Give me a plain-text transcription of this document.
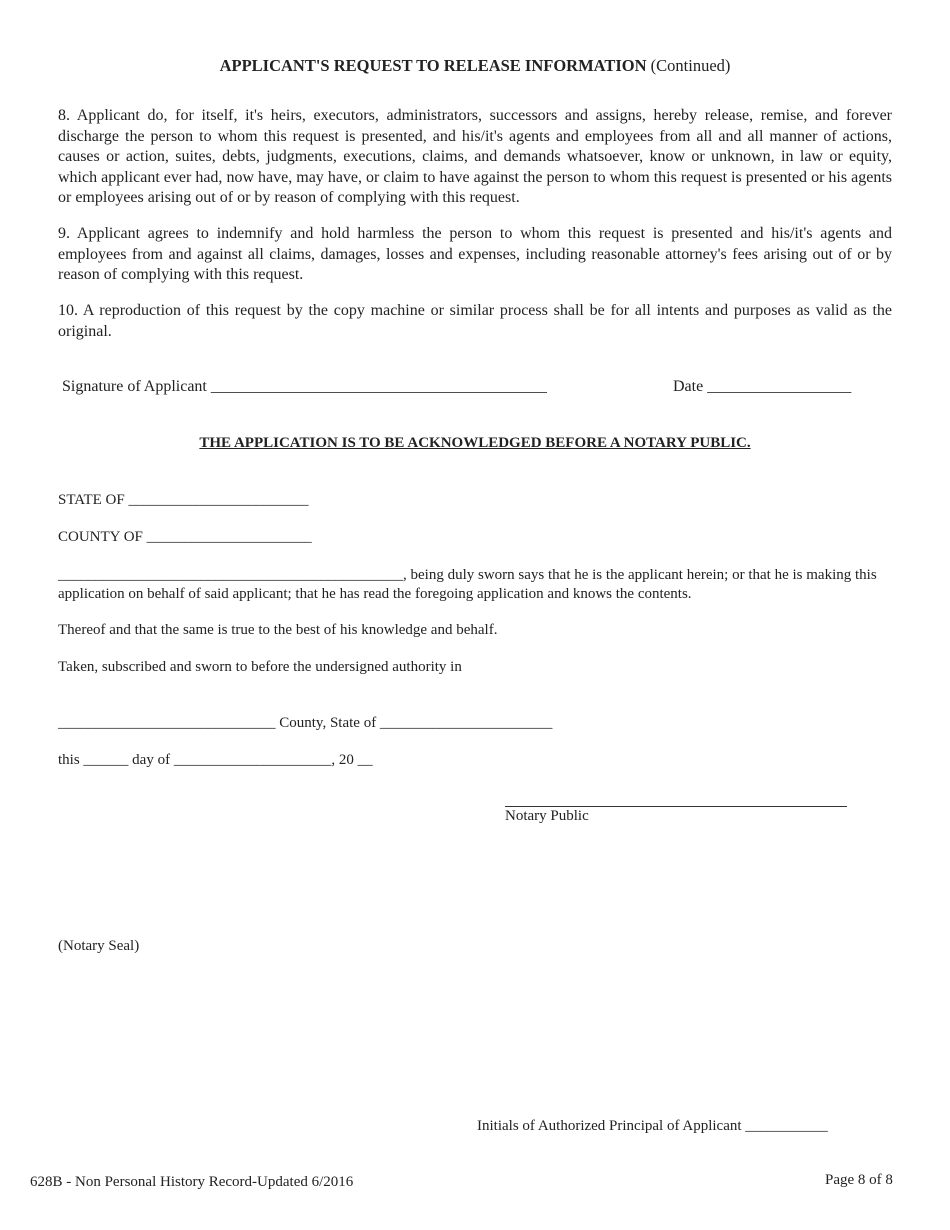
APPLICANT'S REQUEST TO RELEASE INFORMATION (Continued)

8. Applicant do, for itself, it's heirs, executors, administrators, successors and assigns, hereby release, remise, and forever discharge the person to whom this request is presented, and his/it's agents and employees from all and all manner of actions, causes or action, suites, debts, judgments, executions, claims, and demands whatsoever, know or unknown, in law or equity, which applicant ever had, now have, may have, or claim to have against the person to whom this request is presented or his agents or employees arising out of or by reason of complying with this request.

9. Applicant agrees to indemnify and hold harmless the person to whom this request is presented and his/it's agents and employees from and against all claims, damages, losses and expenses, including reasonable attorney's fees arising out of or by reason of complying with this request.

10. A reproduction of this request by the copy machine or similar process shall be for all intents and purposes as valid as the original.

Signature of Applicant __________________________________________	Date __________________
THE APPLICATION IS TO BE ACKNOWLEDGED BEFORE A NOTARY PUBLIC.
STATE OF ________________________
COUNTY OF ______________________

______________________________________________, being duly sworn says that he is the applicant herein; or that he is making this application on behalf of said applicant; that he has read the foregoing application and knows the contents.

Thereof and that the same is true to the best of his knowledge and behalf.
Taken, subscribed and sworn to before the undersigned authority in
_____________________________ County, State of _______________________
this ______ day of _____________________, 20 __
Notary Public
(Notary Seal)
Initials of Authorized Principal of Applicant ___________
628B - Non Personal History Record-Updated 6/2016	Page 8 of 8
